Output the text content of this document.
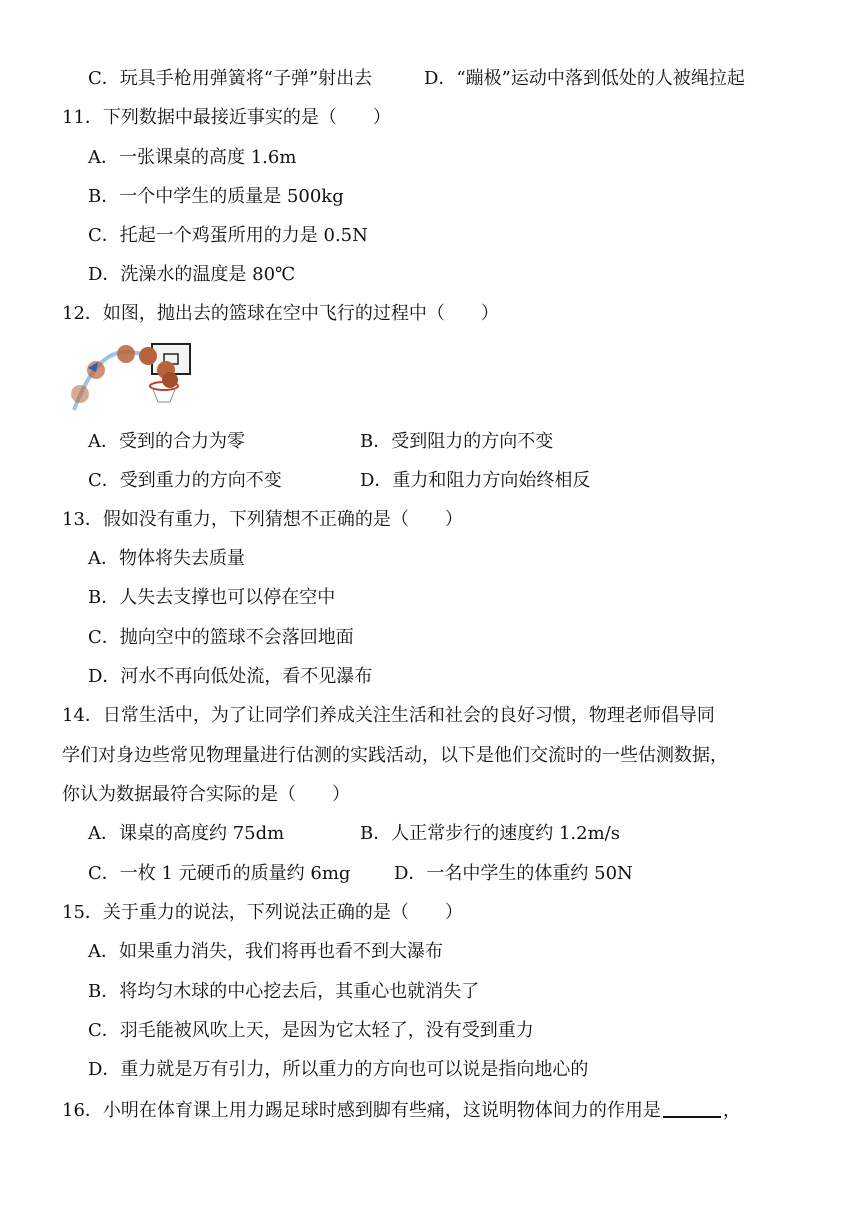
C．玩具手枪用弹簧将“子弹”射出去	D．“蹦极”运动中落到低处的人被绳拉起
11．下列数据中最接近事实的是（　　）
A．一张课桌的高度 1.6m
B．一个中学生的质量是 500kg
C．托起一个鸡蛋所用的力是 0.5N
D．洗澡水的温度是 80℃
12．如图，抛出去的篮球在空中飞行的过程中（　　）
A．受到的合力为零	B．受到阻力的方向不变
C．受到重力的方向不变	D．重力和阻力方向始终相反
13．假如没有重力，下列猜想不正确的是（　　）
A．物体将失去质量
B．人失去支撑也可以停在空中
C．抛向空中的篮球不会落回地面
D．河水不再向低处流，看不见瀑布
14．日常生活中，为了让同学们养成关注生活和社会的良好习惯，物理老师倡导同
学们对身边些常见物理量进行估测的实践活动，以下是他们交流时的一些估测数据，
你认为数据最符合实际的是（　　）
A．课桌的高度约 75dm	B．人正常步行的速度约 1.2m/s
C．一枚 1 元硬币的质量约 6mg D．一名中学生的体重约 50N
15．关于重力的说法，下列说法正确的是（　　）
A．如果重力消失，我们将再也看不到大瀑布
B．将均匀木球的中心挖去后，其重心也就消失了
C．羽毛能被风吹上天，是因为它太轻了，没有受到重力
D．重力就是万有引力，所以重力的方向也可以说是指向地心的
16．小明在体育课上用力踢足球时感到脚有些痛，这说明物体间力的作用是	，
